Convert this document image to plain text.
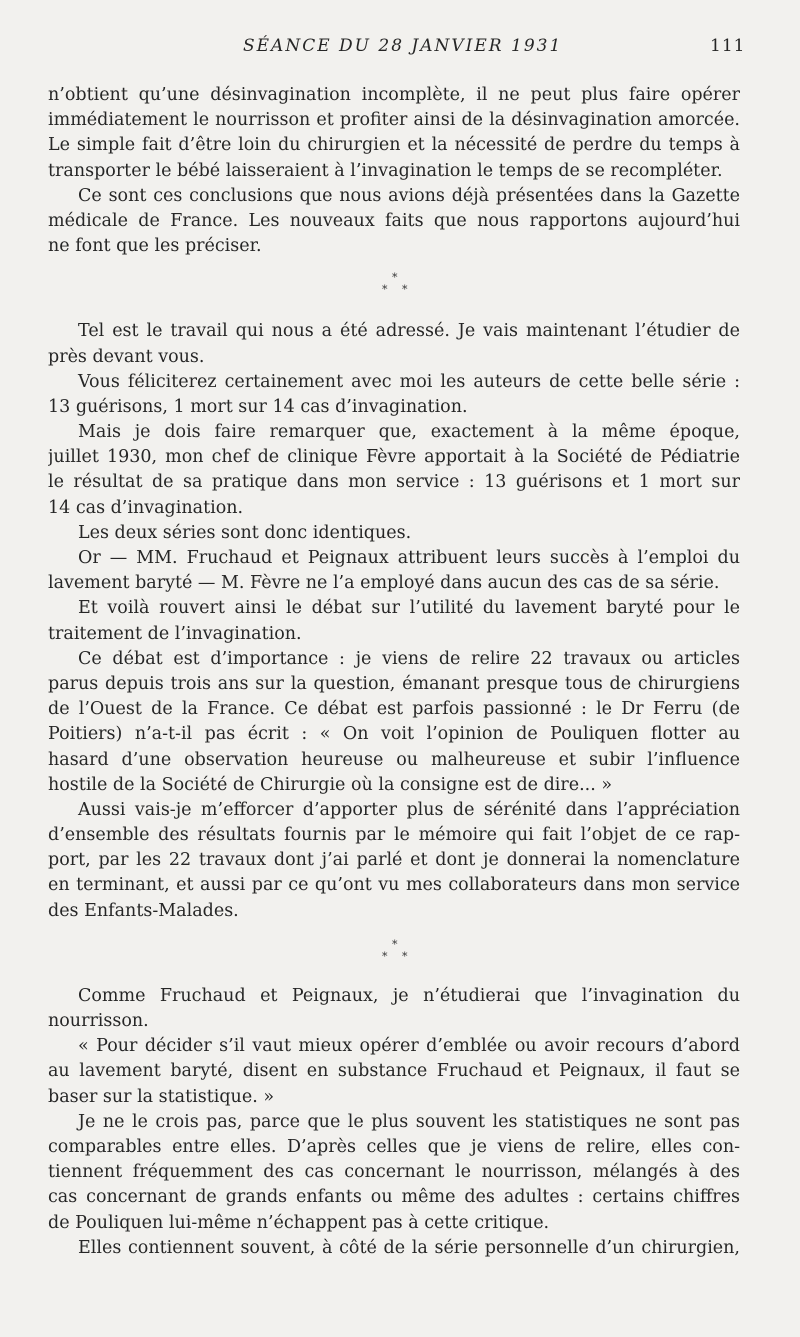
SÉANCE DU 28 JANVIER 1931	111
n’obtient qu’une désinvagination incomplète, il ne peut plus faire opérer
immédiatement le nourrisson et profiter ainsi de la désinvagination amorcée.
Le simple fait d’être loin du chirurgien et la nécessité de perdre du temps à
transporter le bébé laisseraient à l’invagination le temps de se recompléter.
Ce sont ces conclusions que nous avions déjà présentées dans la Gazette
médicale de France. Les nouveaux faits que nous rapportons aujourd’hui
ne font que les préciser.
*
* *
Tel est le travail qui nous a été adressé. Je vais maintenant l’étudier de
près devant vous.
Vous féliciterez certainement avec moi les auteurs de cette belle série :
13 guérisons, 1 mort sur 14 cas d’invagination.
Mais je dois faire remarquer que, exactement à la même époque,
juillet 1930, mon chef de clinique Fèvre apportait à la Société de Pédiatrie
le résultat de sa pratique dans mon service : 13 guérisons et 1 mort sur
14 cas d’invagination.
Les deux séries sont donc identiques.
Or — MM. Fruchaud et Peignaux attribuent leurs succès à l’emploi du
lavement baryté — M. Fèvre ne l’a employé dans aucun des cas de sa série.
Et voilà rouvert ainsi le débat sur l’utilité du lavement baryté pour le
traitement de l’invagination.
Ce débat est d’importance : je viens de relire 22 travaux ou articles
parus depuis trois ans sur la question, émanant presque tous de chirurgiens
de l’Ouest de la France. Ce débat est parfois passionné : le Dr Ferru (de
Poitiers) n’a-t-il pas écrit : « On voit l’opinion de Pouliquen flotter au
hasard d’une observation heureuse ou malheureuse et subir l’influence
hostile de la Société de Chirurgie où la consigne est de dire... »
Aussi vais-je m’efforcer d’apporter plus de sérénité dans l’appréciation
d’ensemble des résultats fournis par le mémoire qui fait l’objet de ce rap-
port, par les 22 travaux dont j’ai parlé et dont je donnerai la nomenclature
en terminant, et aussi par ce qu’ont vu mes collaborateurs dans mon service
des Enfants-Malades.
*
* *
Comme Fruchaud et Peignaux, je n’étudierai que l’invagination du
nourrisson.
« Pour décider s’il vaut mieux opérer d’emblée ou avoir recours d’abord
au lavement baryté, disent en substance Fruchaud et Peignaux, il faut se
baser sur la statistique. »
Je ne le crois pas, parce que le plus souvent les statistiques ne sont pas
comparables entre elles. D’après celles que je viens de relire, elles con-
tiennent fréquemment des cas concernant le nourrisson, mélangés à des
cas concernant de grands enfants ou même des adultes : certains chiffres
de Pouliquen lui-même n’échappent pas à cette critique.
Elles contiennent souvent, à côté de la série personnelle d’un chirurgien,
